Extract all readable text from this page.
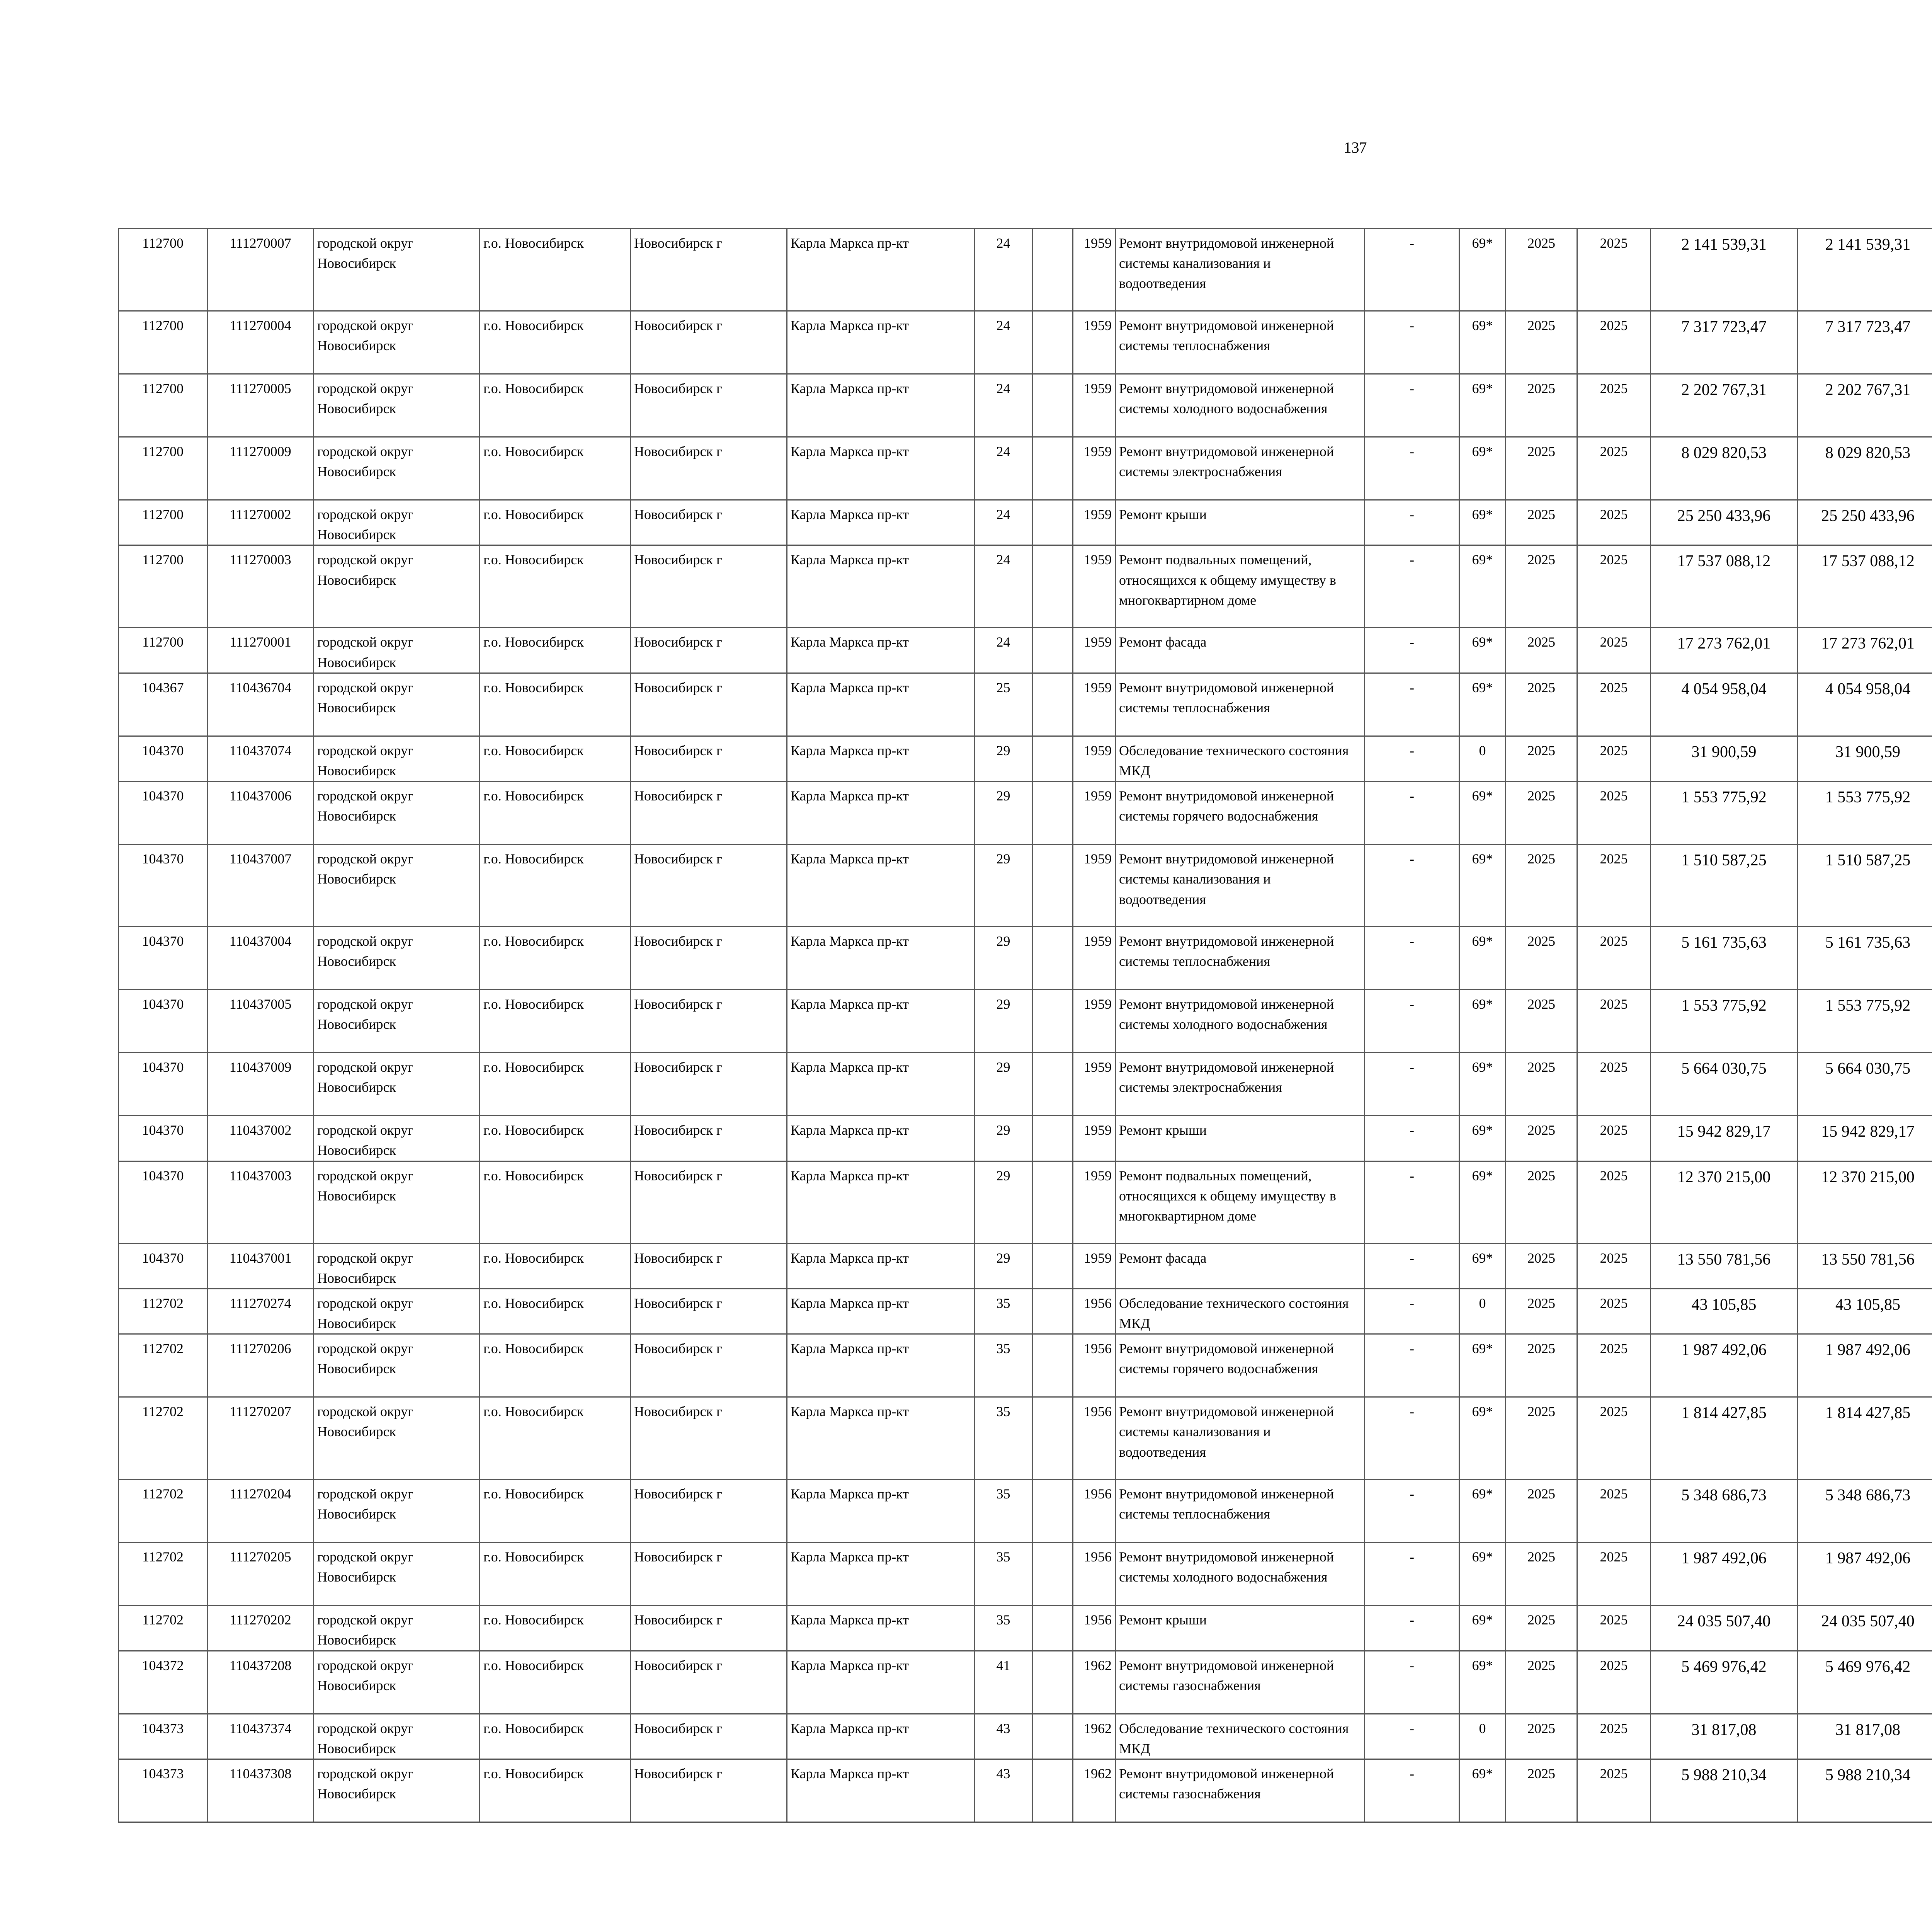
137
112700	111270007	городской округ Новосибирск	г.о. Новосибирск	Новосибирск г	Карла Маркса пр-кт	24		1959	Ремонт внутридомовой инженерной системы канализования и водоотведения	-	69*	2025	2025	2 141 539,31	2 141 539,31						
112700	111270004	городской округ Новосибирск	г.о. Новосибирск	Новосибирск г	Карла Маркса пр-кт	24		1959	Ремонт внутридомовой инженерной системы теплоснабжения	-	69*	2025	2025	7 317 723,47	7 317 723,47						
112700	111270005	городской округ Новосибирск	г.о. Новосибирск	Новосибирск г	Карла Маркса пр-кт	24		1959	Ремонт внутридомовой инженерной системы холодного водоснабжения	-	69*	2025	2025	2 202 767,31	2 202 767,31						
112700	111270009	городской округ Новосибирск	г.о. Новосибирск	Новосибирск г	Карла Маркса пр-кт	24		1959	Ремонт внутридомовой инженерной системы электроснабжения	-	69*	2025	2025	8 029 820,53	8 029 820,53						
112700	111270002	городской округ Новосибирск	г.о. Новосибирск	Новосибирск г	Карла Маркса пр-кт	24		1959	Ремонт крыши	-	69*	2025	2025	25 250 433,96	25 250 433,96						
112700	111270003	городской округ Новосибирск	г.о. Новосибирск	Новосибирск г	Карла Маркса пр-кт	24		1959	Ремонт подвальных помещений, относящихся к общему имуществу в многоквартирном доме	-	69*	2025	2025	17 537 088,12	17 537 088,12						
112700	111270001	городской округ Новосибирск	г.о. Новосибирск	Новосибирск г	Карла Маркса пр-кт	24		1959	Ремонт фасада	-	69*	2025	2025	17 273 762,01	17 273 762,01						
104367	110436704	городской округ Новосибирск	г.о. Новосибирск	Новосибирск г	Карла Маркса пр-кт	25		1959	Ремонт внутридомовой инженерной системы теплоснабжения	-	69*	2025	2025	4 054 958,04	4 054 958,04						
104370	110437074	городской округ Новосибирск	г.о. Новосибирск	Новосибирск г	Карла Маркса пр-кт	29		1959	Обследование технического состояния МКД	-	0	2025	2025	31 900,59	31 900,59						
104370	110437006	городской округ Новосибирск	г.о. Новосибирск	Новосибирск г	Карла Маркса пр-кт	29		1959	Ремонт внутридомовой инженерной системы горячего водоснабжения	-	69*	2025	2025	1 553 775,92	1 553 775,92						
104370	110437007	городской округ Новосибирск	г.о. Новосибирск	Новосибирск г	Карла Маркса пр-кт	29		1959	Ремонт внутридомовой инженерной системы канализования и водоотведения	-	69*	2025	2025	1 510 587,25	1 510 587,25						
104370	110437004	городской округ Новосибирск	г.о. Новосибирск	Новосибирск г	Карла Маркса пр-кт	29		1959	Ремонт внутридомовой инженерной системы теплоснабжения	-	69*	2025	2025	5 161 735,63	5 161 735,63						
104370	110437005	городской округ Новосибирск	г.о. Новосибирск	Новосибирск г	Карла Маркса пр-кт	29		1959	Ремонт внутридомовой инженерной системы холодного водоснабжения	-	69*	2025	2025	1 553 775,92	1 553 775,92						
104370	110437009	городской округ Новосибирск	г.о. Новосибирск	Новосибирск г	Карла Маркса пр-кт	29		1959	Ремонт внутридомовой инженерной системы электроснабжения	-	69*	2025	2025	5 664 030,75	5 664 030,75						
104370	110437002	городской округ Новосибирск	г.о. Новосибирск	Новосибирск г	Карла Маркса пр-кт	29		1959	Ремонт крыши	-	69*	2025	2025	15 942 829,17	15 942 829,17						
104370	110437003	городской округ Новосибирск	г.о. Новосибирск	Новосибирск г	Карла Маркса пр-кт	29		1959	Ремонт подвальных помещений, относящихся к общему имуществу в многоквартирном доме	-	69*	2025	2025	12 370 215,00	12 370 215,00						
104370	110437001	городской округ Новосибирск	г.о. Новосибирск	Новосибирск г	Карла Маркса пр-кт	29		1959	Ремонт фасада	-	69*	2025	2025	13 550 781,56	13 550 781,56						
112702	111270274	городской округ Новосибирск	г.о. Новосибирск	Новосибирск г	Карла Маркса пр-кт	35		1956	Обследование технического состояния МКД	-	0	2025	2025	43 105,85	43 105,85						
112702	111270206	городской округ Новосибирск	г.о. Новосибирск	Новосибирск г	Карла Маркса пр-кт	35		1956	Ремонт внутридомовой инженерной системы горячего водоснабжения	-	69*	2025	2025	1 987 492,06	1 987 492,06						
112702	111270207	городской округ Новосибирск	г.о. Новосибирск	Новосибирск г	Карла Маркса пр-кт	35		1956	Ремонт внутридомовой инженерной системы канализования и водоотведения	-	69*	2025	2025	1 814 427,85	1 814 427,85						
112702	111270204	городской округ Новосибирск	г.о. Новосибирск	Новосибирск г	Карла Маркса пр-кт	35		1956	Ремонт внутридомовой инженерной системы теплоснабжения	-	69*	2025	2025	5 348 686,73	5 348 686,73						
112702	111270205	городской округ Новосибирск	г.о. Новосибирск	Новосибирск г	Карла Маркса пр-кт	35		1956	Ремонт внутридомовой инженерной системы холодного водоснабжения	-	69*	2025	2025	1 987 492,06	1 987 492,06						
112702	111270202	городской округ Новосибирск	г.о. Новосибирск	Новосибирск г	Карла Маркса пр-кт	35		1956	Ремонт крыши	-	69*	2025	2025	24 035 507,40	24 035 507,40						
104372	110437208	городской округ Новосибирск	г.о. Новосибирск	Новосибирск г	Карла Маркса пр-кт	41		1962	Ремонт внутридомовой инженерной системы газоснабжения	-	69*	2025	2025	5 469 976,42	5 469 976,42						
104373	110437374	городской округ Новосибирск	г.о. Новосибирск	Новосибирск г	Карла Маркса пр-кт	43		1962	Обследование технического состояния МКД	-	0	2025	2025	31 817,08	31 817,08						
104373	110437308	городской округ Новосибирск	г.о. Новосибирск	Новосибирск г	Карла Маркса пр-кт	43		1962	Ремонт внутридомовой инженерной системы газоснабжения	-	69*	2025	2025	5 988 210,34	5 988 210,34						
